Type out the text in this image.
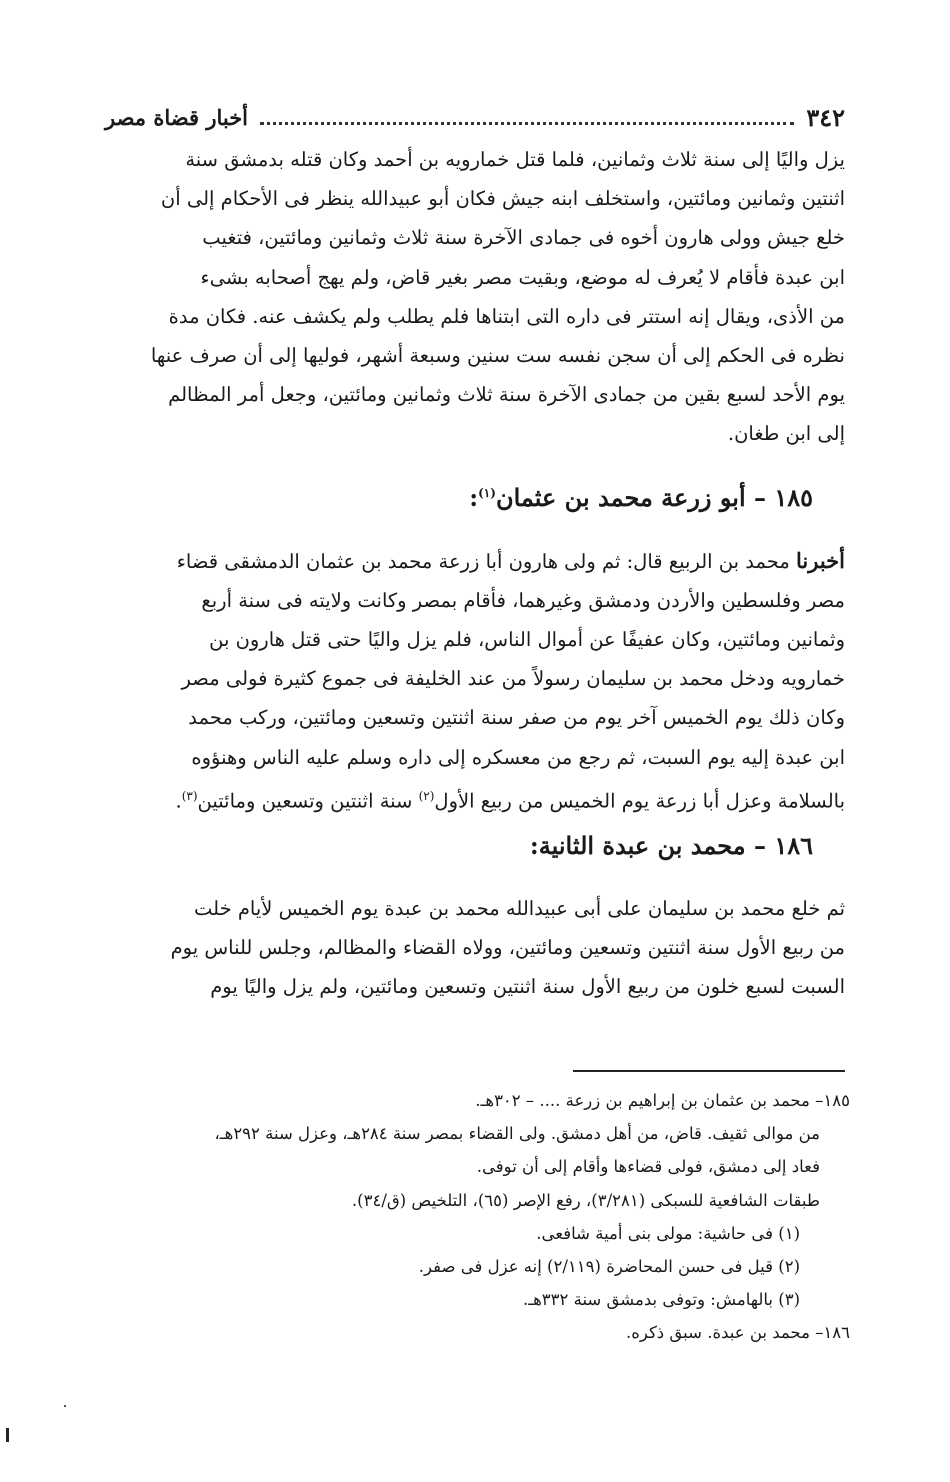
٣٤٢
أخبار قضاة مصر

يزل واليًا إلى سنة ثلاث وثمانين، فلما قتل خمارويه بن أحمد وكان قتله بدمشق سنة

اثنتين وثمانين ومائتين، واستخلف ابنه جيش فكان أبو عبيدالله ينظر فى الأحكام إلى أن

خلع جيش وولى هارون أخوه فى جمادى الآخرة سنة ثلاث وثمانين ومائتين، فتغيب

ابن عبدة فأقام لا يُعرف له موضع، وبقيت مصر بغير قاض، ولم يهج أصحابه بشىء

من الأذى، ويقال إنه استتر فى داره التى ابتناها فلم يطلب ولم يكشف عنه. فكان مدة

نظره فى الحكم إلى أن سجن نفسه ست سنين وسبعة أشهر، فوليها إلى أن صرف عنها

يوم الأحد لسبع بقين من جمادى الآخرة سنة ثلاث وثمانين ومائتين، وجعل أمر المظالم

إلى ابن طغان.

١٨٥ – أبو زرعة محمد بن عثمان$^{(١)}$:

أخبرنا محمد بن الربيع قال: ثم ولى هارون أبا زرعة محمد بن عثمان الدمشقى قضاء

مصر وفلسطين والأردن ودمشق وغيرهما، فأقام بمصر وكانت ولايته فى سنة أربع

وثمانين ومائتين، وكان عفيفًا عن أموال الناس، فلم يزل واليًا حتى قتل هارون بن

خمارويه ودخل محمد بن سليمان رسولاً من عند الخليفة فى جموع كثيرة فولى مصر

وكان ذلك يوم الخميس آخر يوم من صفر سنة اثنتين وتسعين ومائتين، وركب محمد

ابن عبدة إليه يوم السبت، ثم رجع من معسكره إلى داره وسلم عليه الناس وهنؤوه

بالسلامة وعزل أبا زرعة يوم الخميس من ربيع الأول$^{(٢)}$ سنة اثنتين وتسعين ومائتين$^{(٣)}$.

١٨٦ – محمد بن عبدة الثانية:

ثم خلع محمد بن سليمان على أبى عبيدالله محمد بن عبدة يوم الخميس لأيام خلت

من ربيع الأول سنة اثنتين وتسعين ومائتين، وولاه القضاء والمظالم، وجلس للناس يوم

السبت لسبع خلون من ربيع الأول سنة اثنتين وتسعين ومائتين، ولم يزل واليًا يوم

١٨٥– محمد بن عثمان بن إبراهيم بن زرعة .... – ٣٠٢هـ.

من موالى ثقيف. قاض، من أهل دمشق. ولى القضاء بمصر سنة ٢٨٤هـ، وعزل سنة ٢٩٢هـ،

فعاد إلى دمشق، فولى قضاءها وأقام إلى أن توفى.

طبقات الشافعية للسبكى (٣/٢٨١)، رفع الإصر (٦٥)، التلخيص (ق/٣٤).

(١) فى حاشية: مولى بنى أمية شافعى.

(٢) قيل فى حسن المحاضرة (٢/١١٩) إنه عزل فى صفر.

(٣) بالهامش: وتوفى بدمشق سنة ٣٣٢هـ.

١٨٦– محمد بن عبدة. سبق ذكره.
